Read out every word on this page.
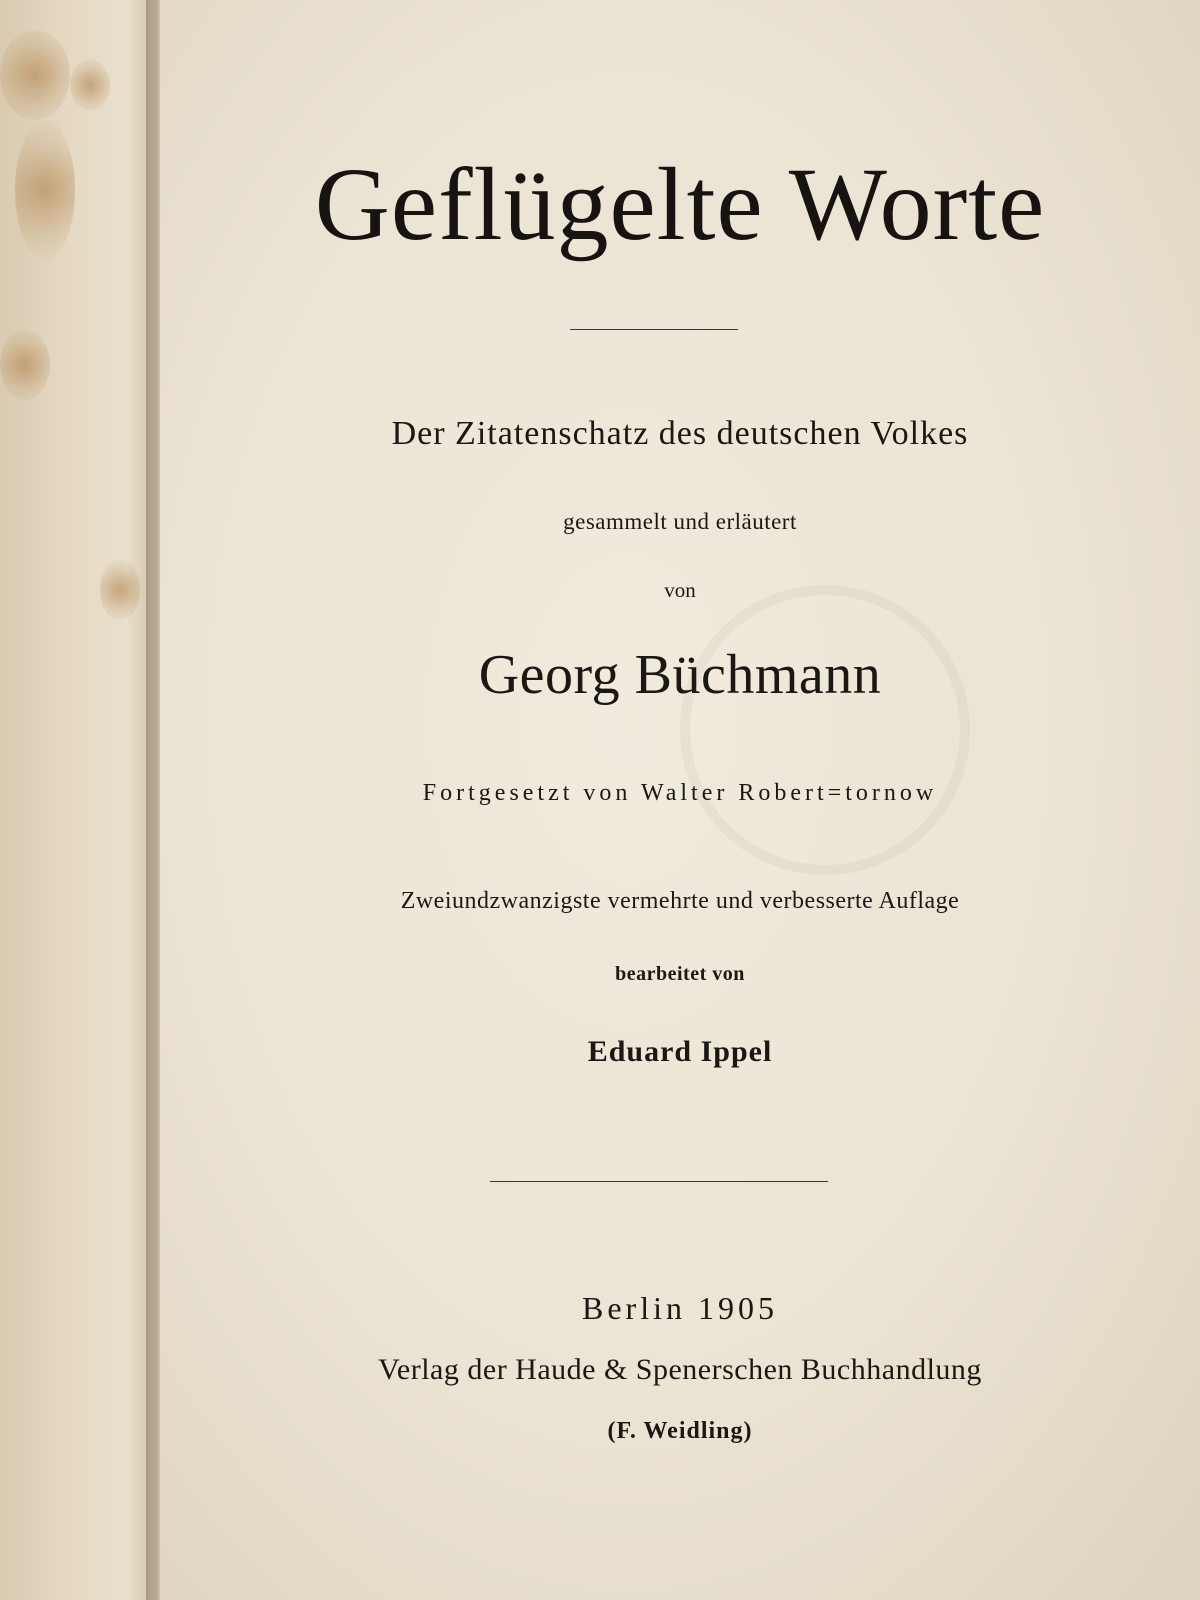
Geflügelte Worte
Der Zitatenschatz des deutschen Volkes
gesammelt und erläutert
von
Georg Büchmann
Fortgesetzt von Walter Robert=tornow
Zweiundzwanzigste vermehrte und verbesserte Auflage
bearbeitet von
Eduard Ippel
Berlin 1905
Verlag der Haude & Spenerschen Buchhandlung
(F. Weidling)
